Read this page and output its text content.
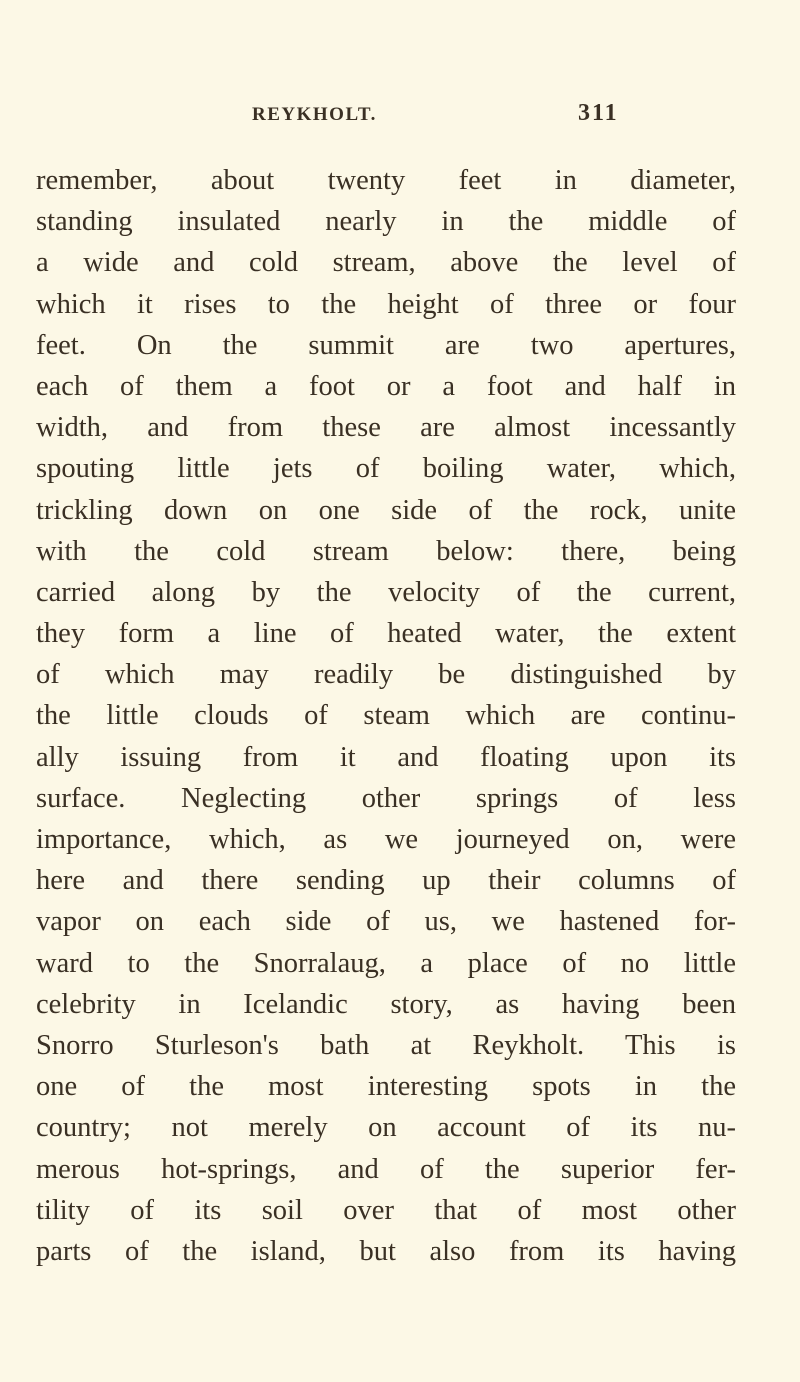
REYKHOLT.	311
remember, about twenty feet in diameter,
standing insulated nearly in the middle of
a wide and cold stream, above the level of
which it rises to the height of three or four
feet. On the summit are two apertures,
each of them a foot or a foot and half in
width, and from these are almost incessantly
spouting little jets of boiling water, which,
trickling down on one side of the rock, unite
with the cold stream below: there, being
carried along by the velocity of the current,
they form a line of heated water, the extent
of which may readily be distinguished by
the little clouds of steam which are continu-
ally issuing from it and floating upon its
surface. Neglecting other springs of less
importance, which, as we journeyed on, were
here and there sending up their columns of
vapor on each side of us, we hastened for-
ward to the Snorralaug, a place of no little
celebrity in Icelandic story, as having been
Snorro Sturleson's bath at Reykholt. This is
one of the most interesting spots in the
country; not merely on account of its nu-
merous hot-springs, and of the superior fer-
tility of its soil over that of most other
parts of the island, but also from its having
